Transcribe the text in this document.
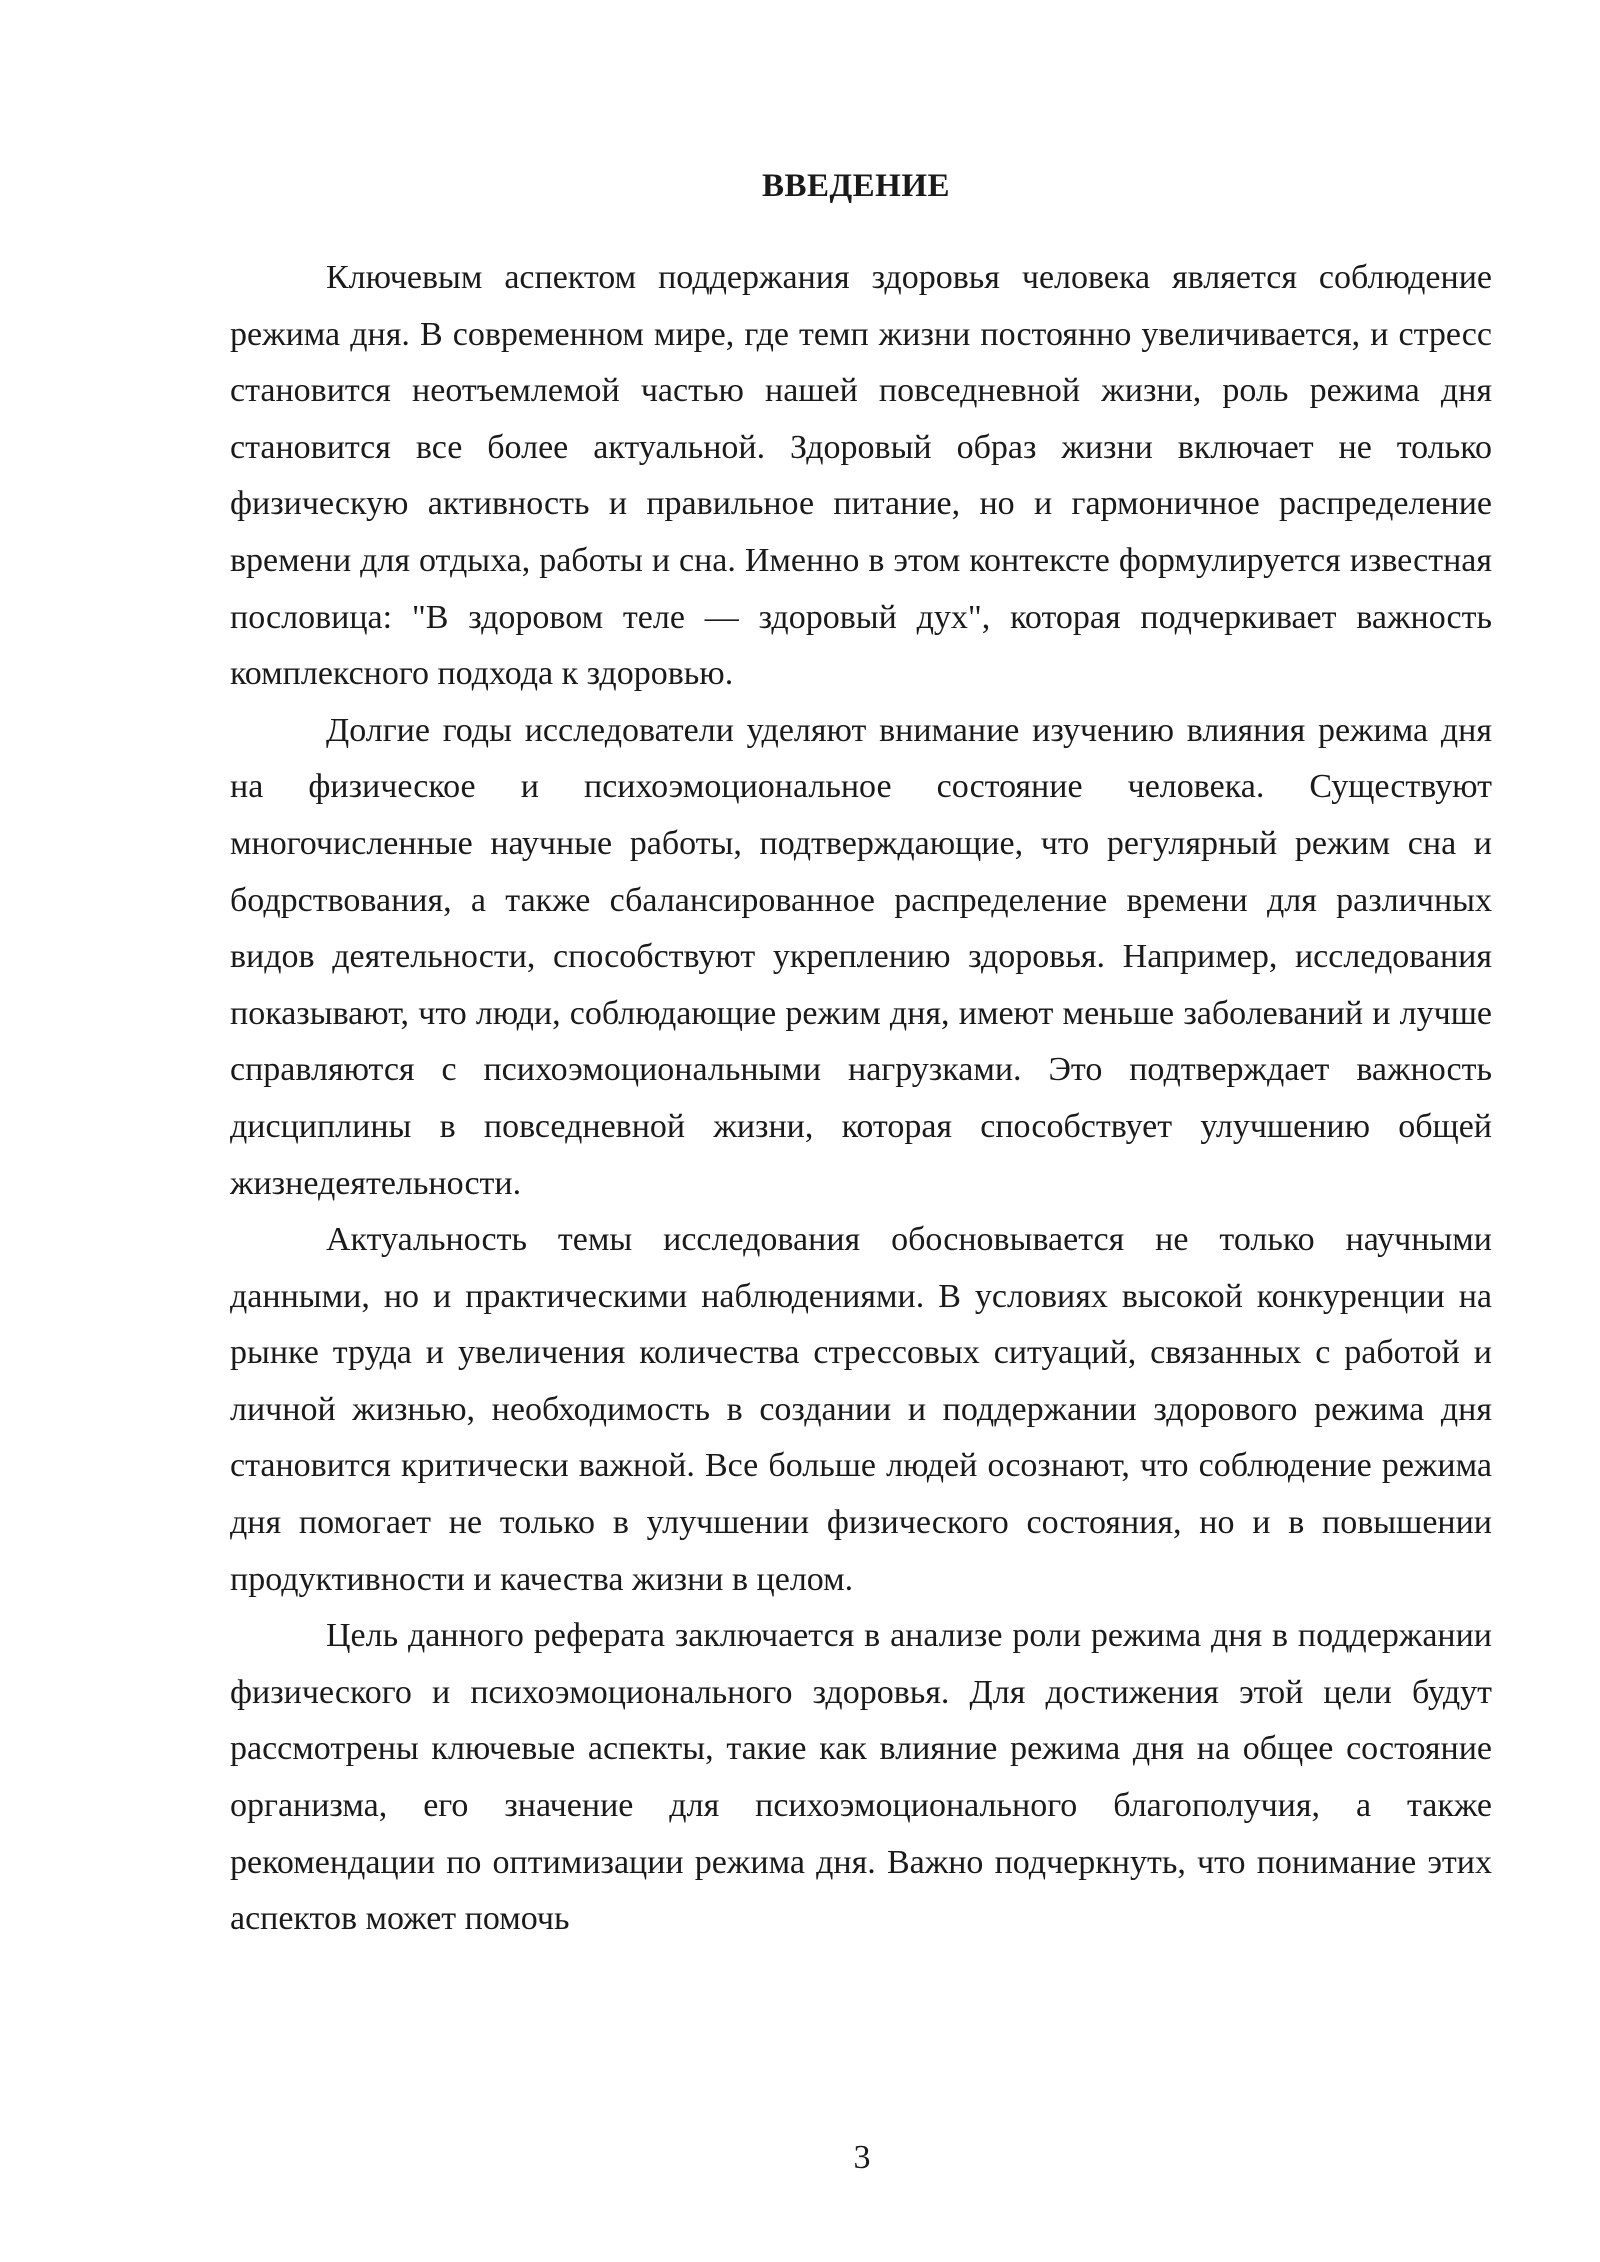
ВВЕДЕНИЕ

Ключевым аспектом поддержания здоровья человека является соблюдение режима дня. В современном мире, где темп жизни постоянно увеличивается, и стресс становится неотъемлемой частью нашей повседневной жизни, роль режима дня становится все более актуальной. Здоровый образ жизни включает не только физическую активность и правильное питание, но и гармоничное распределение времени для отдыха, работы и сна. Именно в этом контексте формулируется известная пословица: "В здоровом теле — здоровый дух", которая подчеркивает важность комплексного подхода к здоровью.

Долгие годы исследователи уделяют внимание изучению влияния режима дня на физическое и психоэмоциональное состояние человека. Существуют многочисленные научные работы, подтверждающие, что регулярный режим сна и бодрствования, а также сбалансированное распределение времени для различных видов деятельности, способствуют укреплению здоровья. Например, исследования показывают, что люди, соблюдающие режим дня, имеют меньше заболеваний и лучше справляются с психоэмоциональными нагрузками. Это подтверждает важность дисциплины в повседневной жизни, которая способствует улучшению общей жизнедеятельности.

Актуальность темы исследования обосновывается не только научными данными, но и практическими наблюдениями. В условиях высокой конкуренции на рынке труда и увеличения количества стрессовых ситуаций, связанных с работой и личной жизнью, необходимость в создании и поддержании здорового режима дня становится критически важной. Все больше людей осознают, что соблюдение режима дня помогает не только в улучшении физического состояния, но и в повышении продуктивности и качества жизни в целом.

Цель данного реферата заключается в анализе роли режима дня в поддержании физического и психоэмоционального здоровья. Для достижения этой цели будут рассмотрены ключевые аспекты, такие как влияние режима дня на общее состояние организма, его значение для психоэмоционального благополучия, а также рекомендации по оптимизации режима дня. Важно подчеркнуть, что понимание этих аспектов может помочь

3
